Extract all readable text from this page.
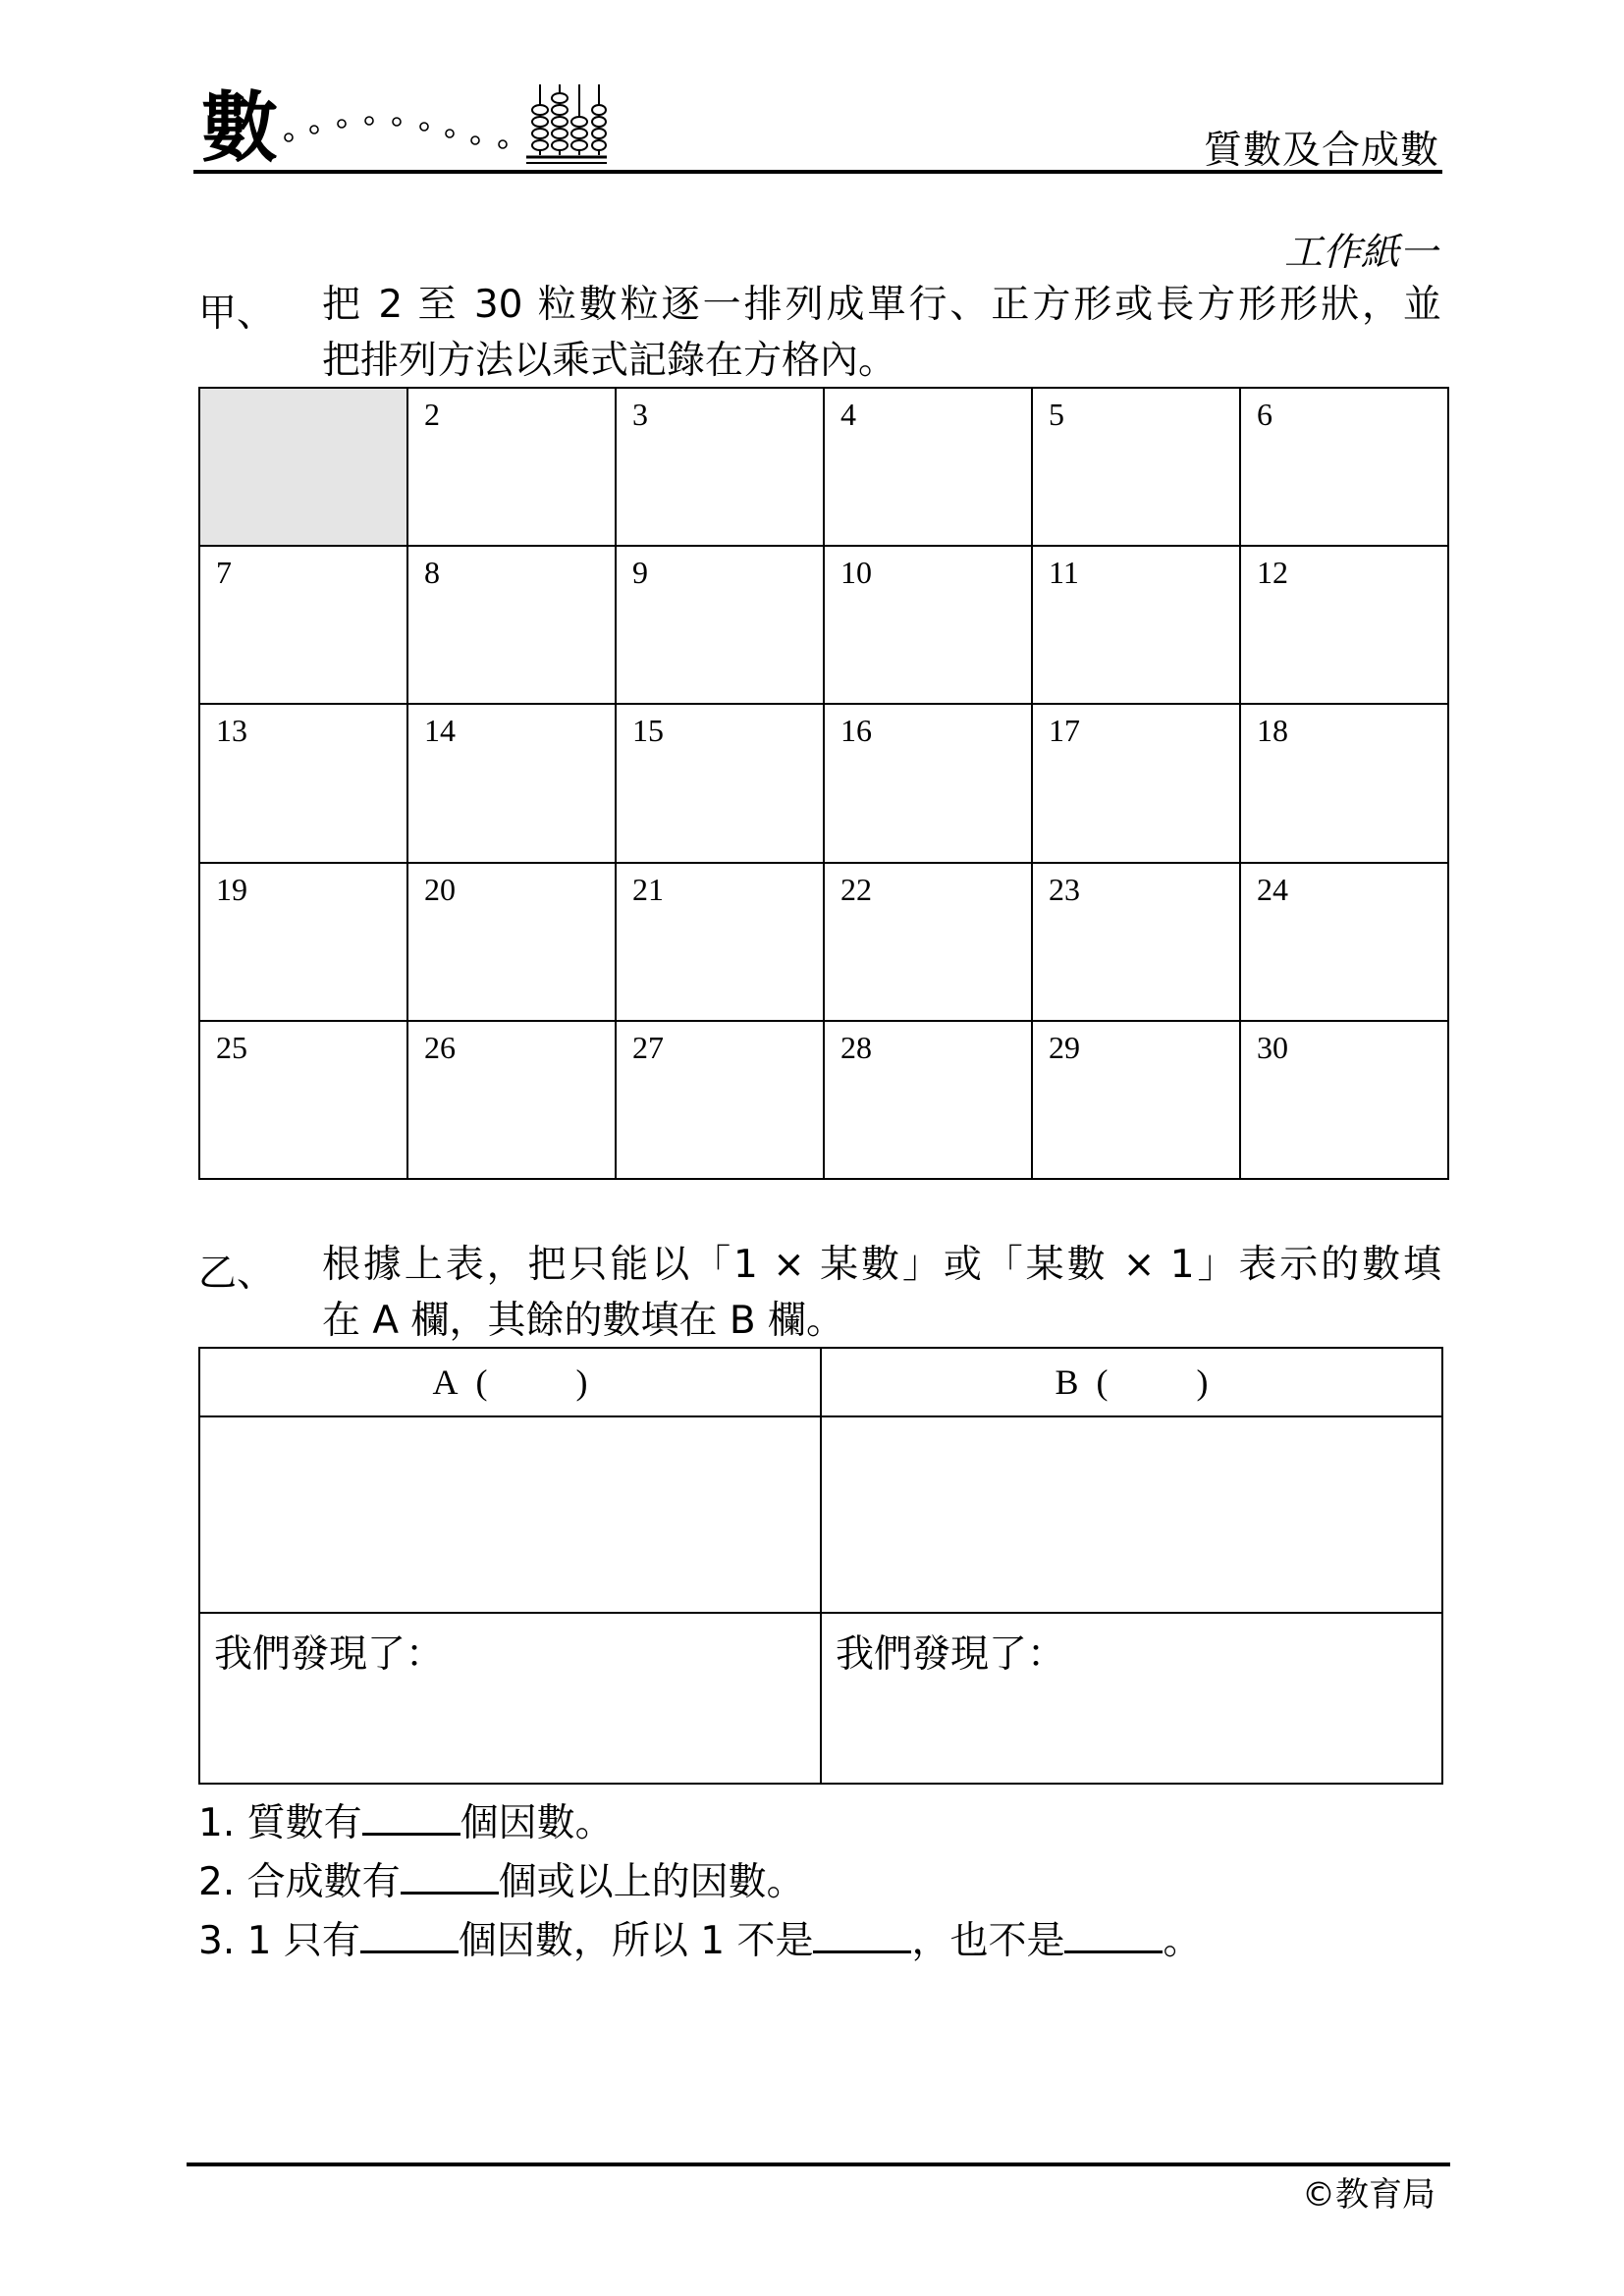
數	質數及合成數
工作紙一
甲、 把 2 至 30 粒數粒逐一排列成單行、正方形或長方形形狀，並
把排列方法以乘式記錄在方格內。

	2	3	4	5	6

7	8	9	10	11	12

13	14	15	16	17	18

19	20	21	22	23	24

25	26	27	28	29	30
乙、 根據上表，把只能以「1 × 某數」或「某數 × 1」表示的數填
在 A 欄，其餘的數填在 B 欄。
A ( )	B ( )

我們發現了：	我們發現了：
1. 質數有	個因數。
2. 合成數有	個或以上的因數。
3. 1 只有	個因數，所以 1 不是	，也不是	。
©教育局
